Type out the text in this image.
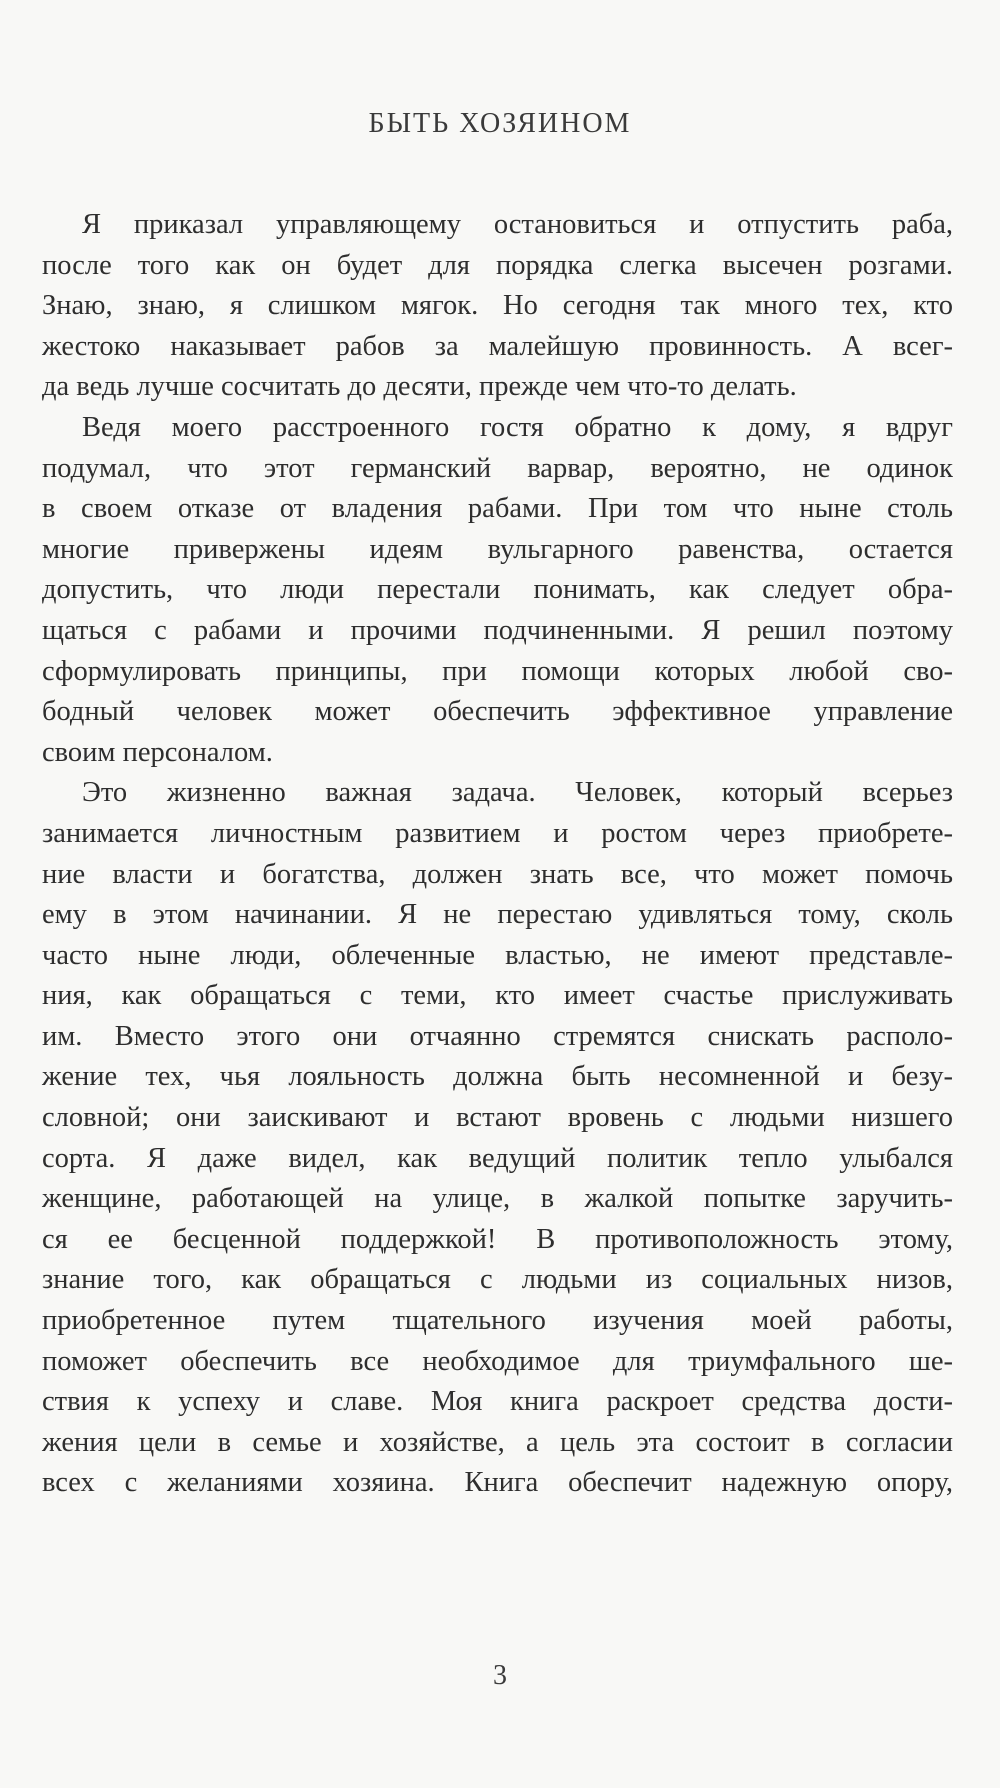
БЫТЬ ХОЗЯИНОМ

Я приказал управляющему остановиться и отпустить раба,
после того как он будет для порядка слегка высечен розгами.
Знаю, знаю, я слишком мягок. Но сегодня так много тех, кто
жестоко наказывает рабов за малейшую провинность. А всег-
да ведь лучше сосчитать до десяти, прежде чем что-то делать.

Ведя моего расстроенного гостя обратно к дому, я вдруг
подумал, что этот германский варвар, вероятно, не одинок
в своем отказе от владения рабами. При том что ныне столь
многие привержены идеям вульгарного равенства, остается
допустить, что люди перестали понимать, как следует обра-
щаться с рабами и прочими подчиненными. Я решил поэтому
сформулировать принципы, при помощи которых любой сво-
бодный человек может обеспечить эффективное управление
своим персоналом.

Это жизненно важная задача. Человек, который всерьез
занимается личностным развитием и ростом через приобрете-
ние власти и богатства, должен знать все, что может помочь
ему в этом начинании. Я не перестаю удивляться тому, сколь
часто ныне люди, облеченные властью, не имеют представле-
ния, как обращаться с теми, кто имеет счастье прислуживать
им. Вместо этого они отчаянно стремятся снискать располо-
жение тех, чья лояльность должна быть несомненной и безу-
словной; они заискивают и встают вровень с людьми низшего
сорта. Я даже видел, как ведущий политик тепло улыбался
женщине, работающей на улице, в жалкой попытке заручить-
ся ее бесценной поддержкой! В противоположность этому,
знание того, как обращаться с людьми из социальных низов,
приобретенное путем тщательного изучения моей работы,
поможет обеспечить все необходимое для триумфального ше-
ствия к успеху и славе. Моя книга раскроет средства дости-
жения цели в семье и хозяйстве, а цель эта состоит в согласии
всех с желаниями хозяина. Книга обеспечит надежную опору,

3
